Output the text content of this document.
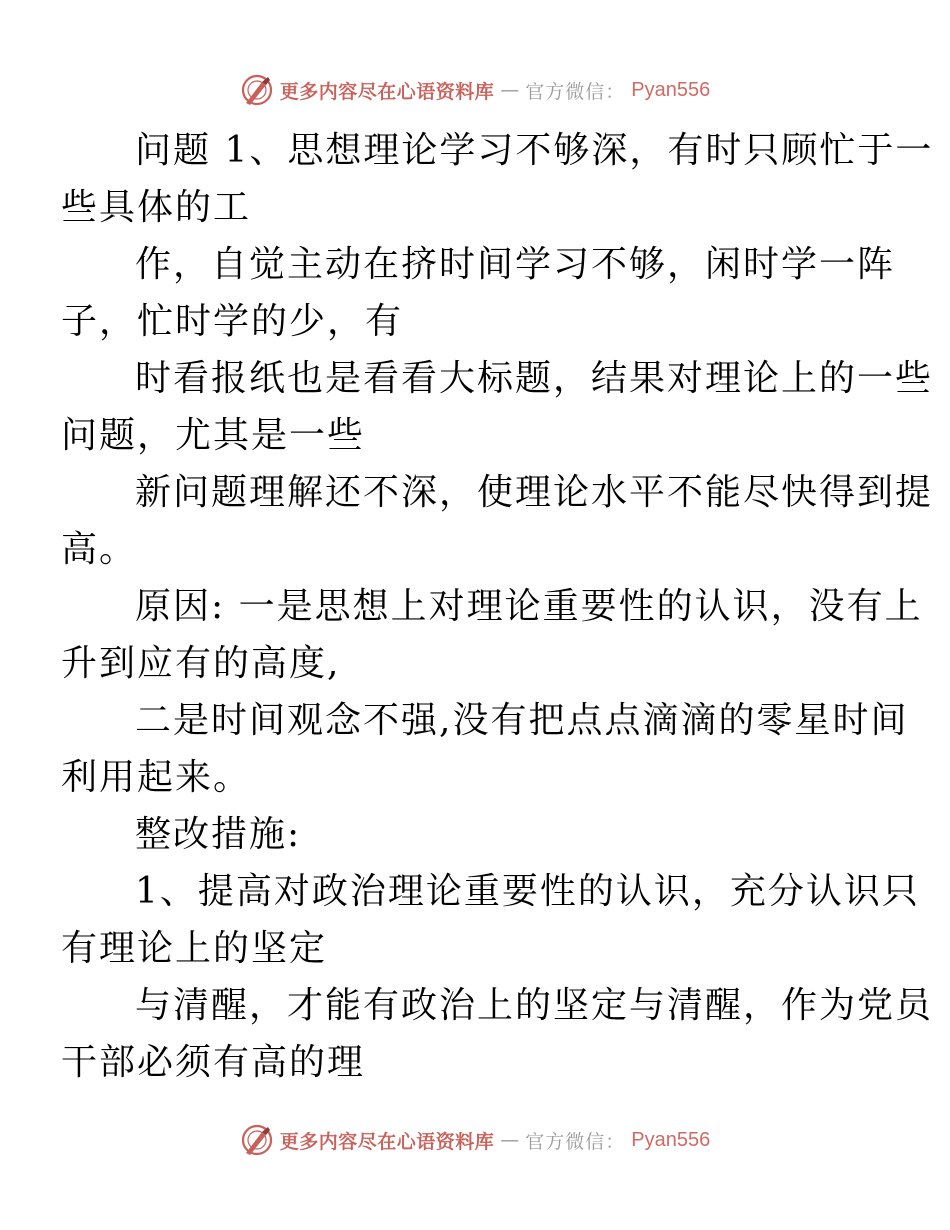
更多内容尽在心语资料库 — 官方微信： Pyan556

问题 1、思想理论学习不够深，有时只顾忙于一
些具体的工

作，自觉主动在挤时间学习不够，闲时学一阵
子，忙时学的少，有

时看报纸也是看看大标题，结果对理论上的一些
问题，尤其是一些

新问题理解还不深，使理论水平不能尽快得到提
高。

原因: 一是思想上对理论重要性的认识，没有上
升到应有的高度,

二是时间观念不强,没有把点点滴滴的零星时间
利用起来。

整改措施:

1、提高对政治理论重要性的认识，充分认识只
有理论上的坚定

与清醒，才能有政治上的坚定与清醒，作为党员
干部必须有高的理

更多内容尽在心语资料库 — 官方微信： Pyan556
